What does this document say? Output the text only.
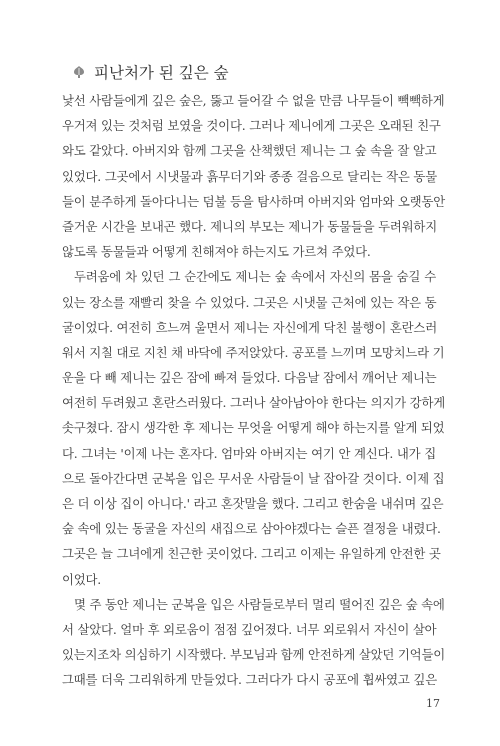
피난처가 된 깊은 숲
낯선 사람들에게 깊은 숲은, 뚫고 들어갈 수 없을 만큼 나무들이 빽빽하게
우거져 있는 것처럼 보였을 것이다. 그러나 제니에게 그곳은 오래된 친구
와도 같았다. 아버지와 함께 그곳을 산책했던 제니는 그 숲 속을 잘 알고
있었다. 그곳에서 시냇물과 흙무더기와 종종 걸음으로 달리는 작은 동물
들이 분주하게 돌아다니는 덤불 등을 탐사하며 아버지와 엄마와 오랫동안
즐거운 시간을 보내곤 했다. 제니의 부모는 제니가 동물들을 두려워하지
않도록 동물들과 어떻게 친해져야 하는지도 가르쳐 주었다.
두려움에 차 있던 그 순간에도 제니는 숲 속에서 자신의 몸을 숨길 수
있는 장소를 재빨리 찾을 수 있었다. 그곳은 시냇물 근처에 있는 작은 동
굴이었다. 여전히 흐느껴 울면서 제니는 자신에게 닥친 불행이 혼란스러
워서 지칠 대로 지친 채 바닥에 주저앉았다. 공포를 느끼며 모망치느라 기
운을 다 빼 제니는 깊은 잠에 빠져 들었다. 다음날 잠에서 깨어난 제니는
여전히 두려웠고 혼란스러웠다. 그러나 살아남아야 한다는 의지가 강하게
솟구쳤다. 잠시 생각한 후 제니는 무엇을 어떻게 해야 하는지를 알게 되었
다. 그녀는 '이제 나는 혼자다. 엄마와 아버지는 여기 안 계신다. 내가 집
으로 돌아간다면 군복을 입은 무서운 사람들이 날 잡아갈 것이다. 이제 집
은 더 이상 집이 아니다.' 라고 혼잣말을 했다. 그리고 한숨을 내쉬며 깊은
숲 속에 있는 동굴을 자신의 새집으로 삼아야겠다는 슬픈 결정을 내렸다.
그곳은 늘 그녀에게 친근한 곳이었다. 그리고 이제는 유일하게 안전한 곳
이었다.
몇 주 동안 제니는 군복을 입은 사람들로부터 멀리 떨어진 깊은 숲 속에
서 살았다. 얼마 후 외로움이 점점 깊어졌다. 너무 외로워서 자신이 살아
있는지조차 의심하기 시작했다. 부모님과 함께 안전하게 살았던 기억들이
그때를 더욱 그리워하게 만들었다. 그러다가 다시 공포에 휩싸였고 깊은
17
